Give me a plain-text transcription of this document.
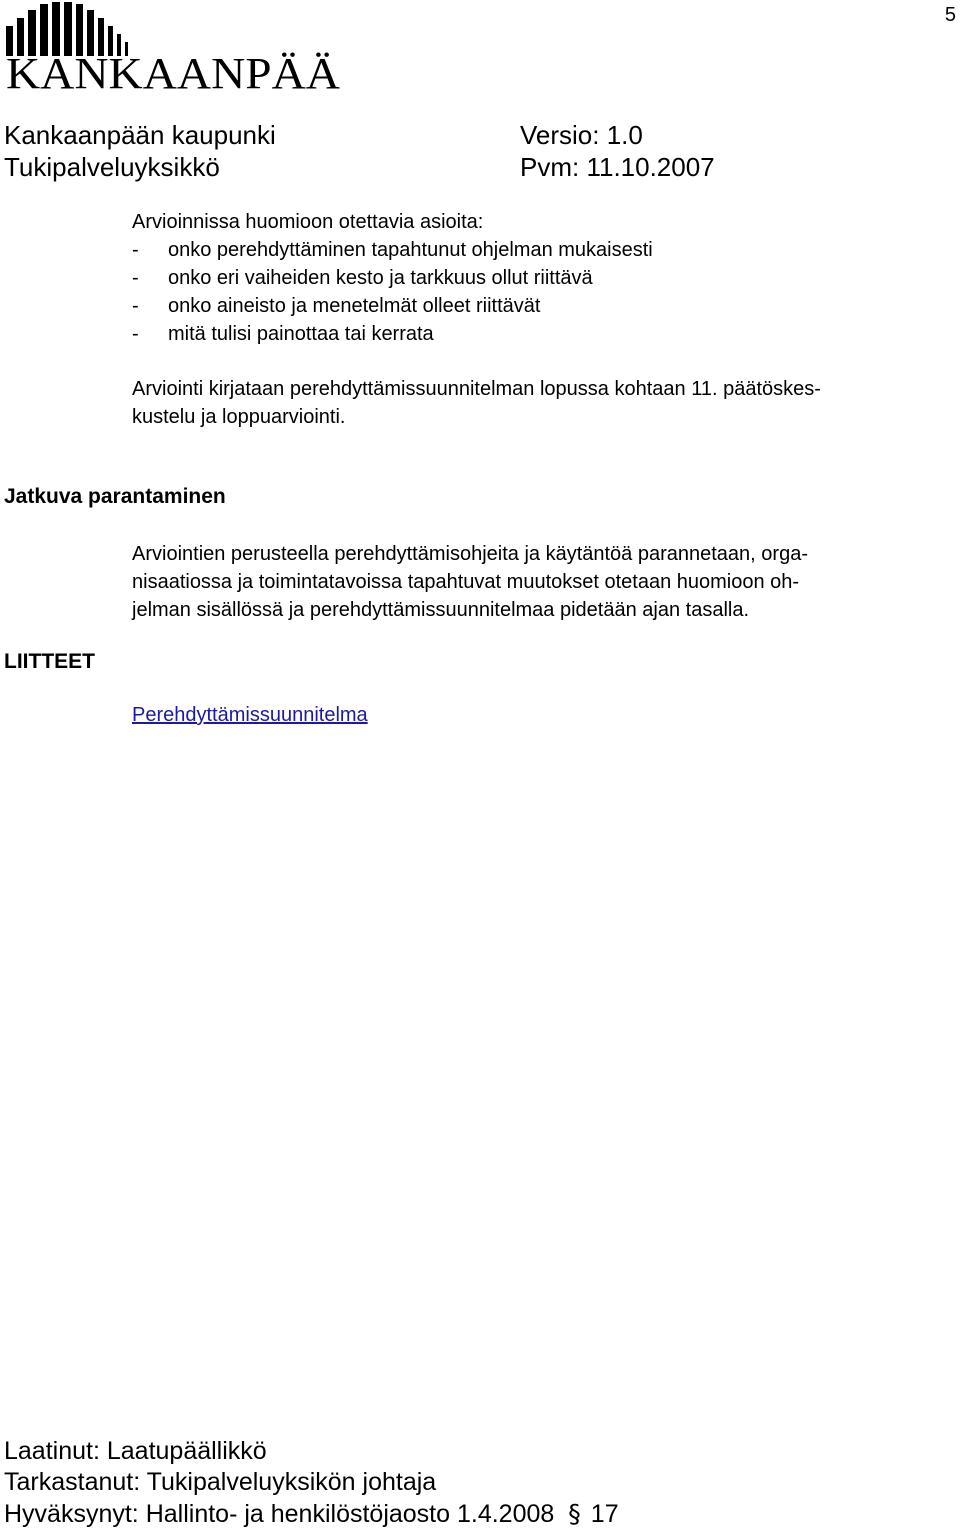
5
KANKAANPÄÄ
Kankaanpään kaupunki	Versio: 1.0
Tukipalveluyksikkö	Pvm: 11.10.2007
Arvioinnissa huomioon otettavia asioita:
-	onko perehdyttäminen tapahtunut ohjelman mukaisesti
-	onko eri vaiheiden kesto ja tarkkuus ollut riittävä
-	onko aineisto ja menetelmät olleet riittävät
-	mitä tulisi painottaa tai kerrata
Arviointi kirjataan perehdyttämissuunnitelman lopussa kohtaan 11. päätöskes-
kustelu ja loppuarviointi.
Jatkuva parantaminen
Arviointien perusteella perehdyttämisohjeita ja käytäntöä parannetaan, orga-
nisaatiossa ja toimintatavoissa tapahtuvat muutokset otetaan huomioon oh-
jelman sisällössä ja perehdyttämissuunnitelmaa pidetään ajan tasalla.
LIITTEET
Perehdyttämissuunnitelma
Laatinut: Laatupäällikkö
Tarkastanut: Tukipalveluyksikön johtaja
Hyväksynyt: Hallinto- ja henkilöstöjaosto 1.4.2008 § 17
